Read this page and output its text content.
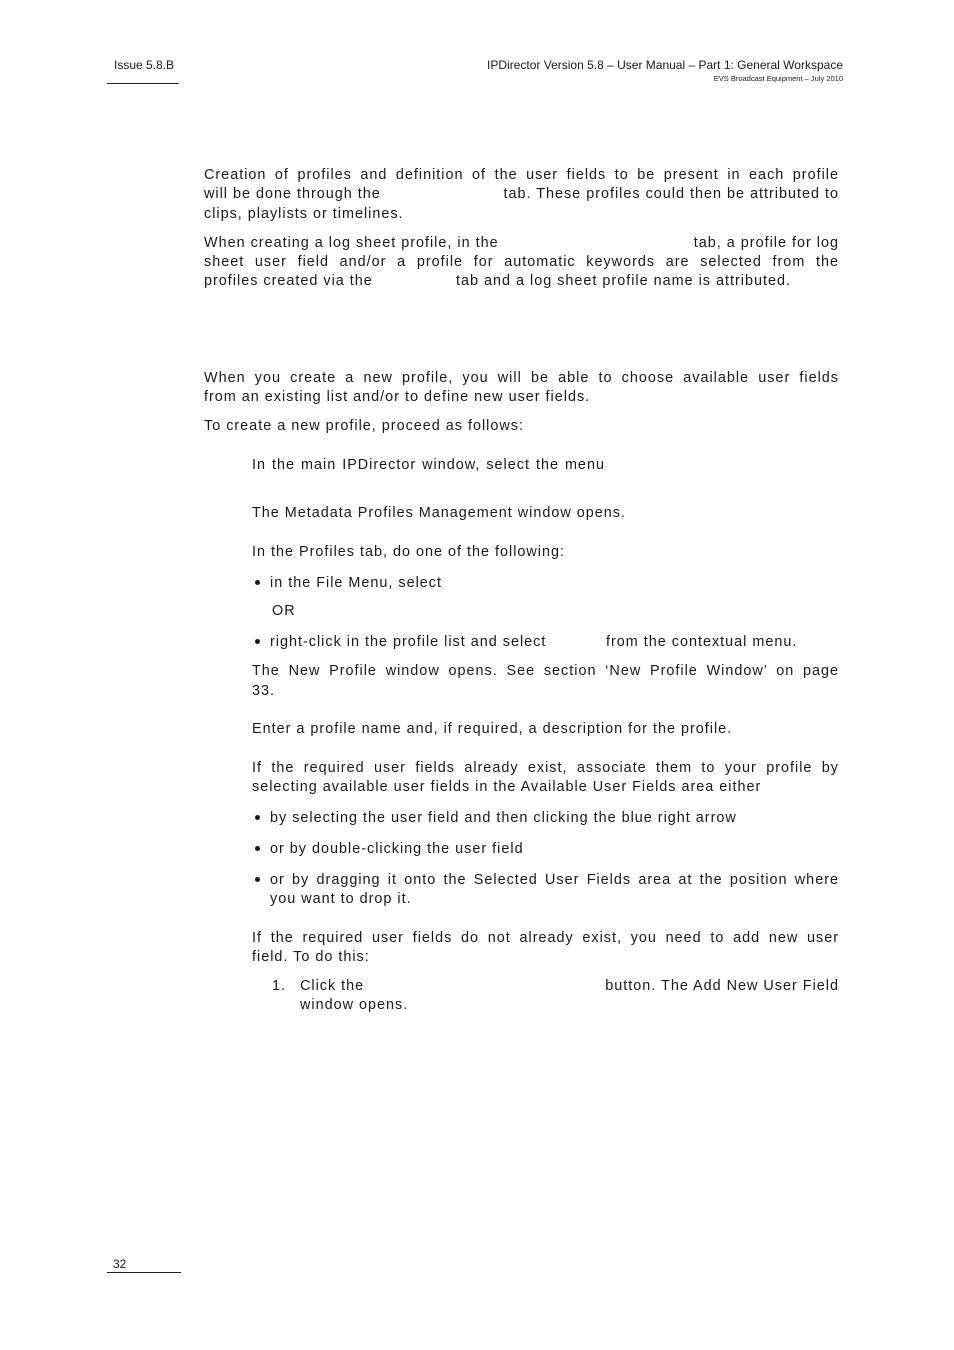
Issue 5.8.B	IPDirector Version 5.8 – User Manual – Part 1: General Workspace
EVS Broadcast Equipment – July 2010
Creation of profiles and definition of the user fields to be present in each profile
will be done through the	tab. These profiles could then be attributed to
clips, playlists or timelines.
When creating a log sheet profile, in the	tab, a profile for log
sheet user field and/or a profile for automatic keywords are selected from the
profiles created via the	tab and a log sheet profile name is attributed.
When you create a new profile, you will be able to choose available user fields
from an existing list and/or to define new user fields.
To create a new profile, proceed as follows:
In the main IPDirector window, select the menu
The Metadata Profiles Management window opens.
In the Profiles tab, do one of the following:
in the File Menu, select
OR
right-click in the profile list and select	from the contextual menu.
The New Profile window opens. See section ‘New Profile Window’ on page
33.
Enter a profile name and, if required, a description for the profile.
If the required user fields already exist, associate them to your profile by
selecting available user fields in the Available User Fields area either
by selecting the user field and then clicking the blue right arrow
or by double-clicking the user field
or by dragging it onto the Selected User Fields area at the position where
you want to drop it.
If the required user fields do not already exist, you need to add new user
field. To do this:
1. Click the	button. The Add New User Field
window opens.
32
